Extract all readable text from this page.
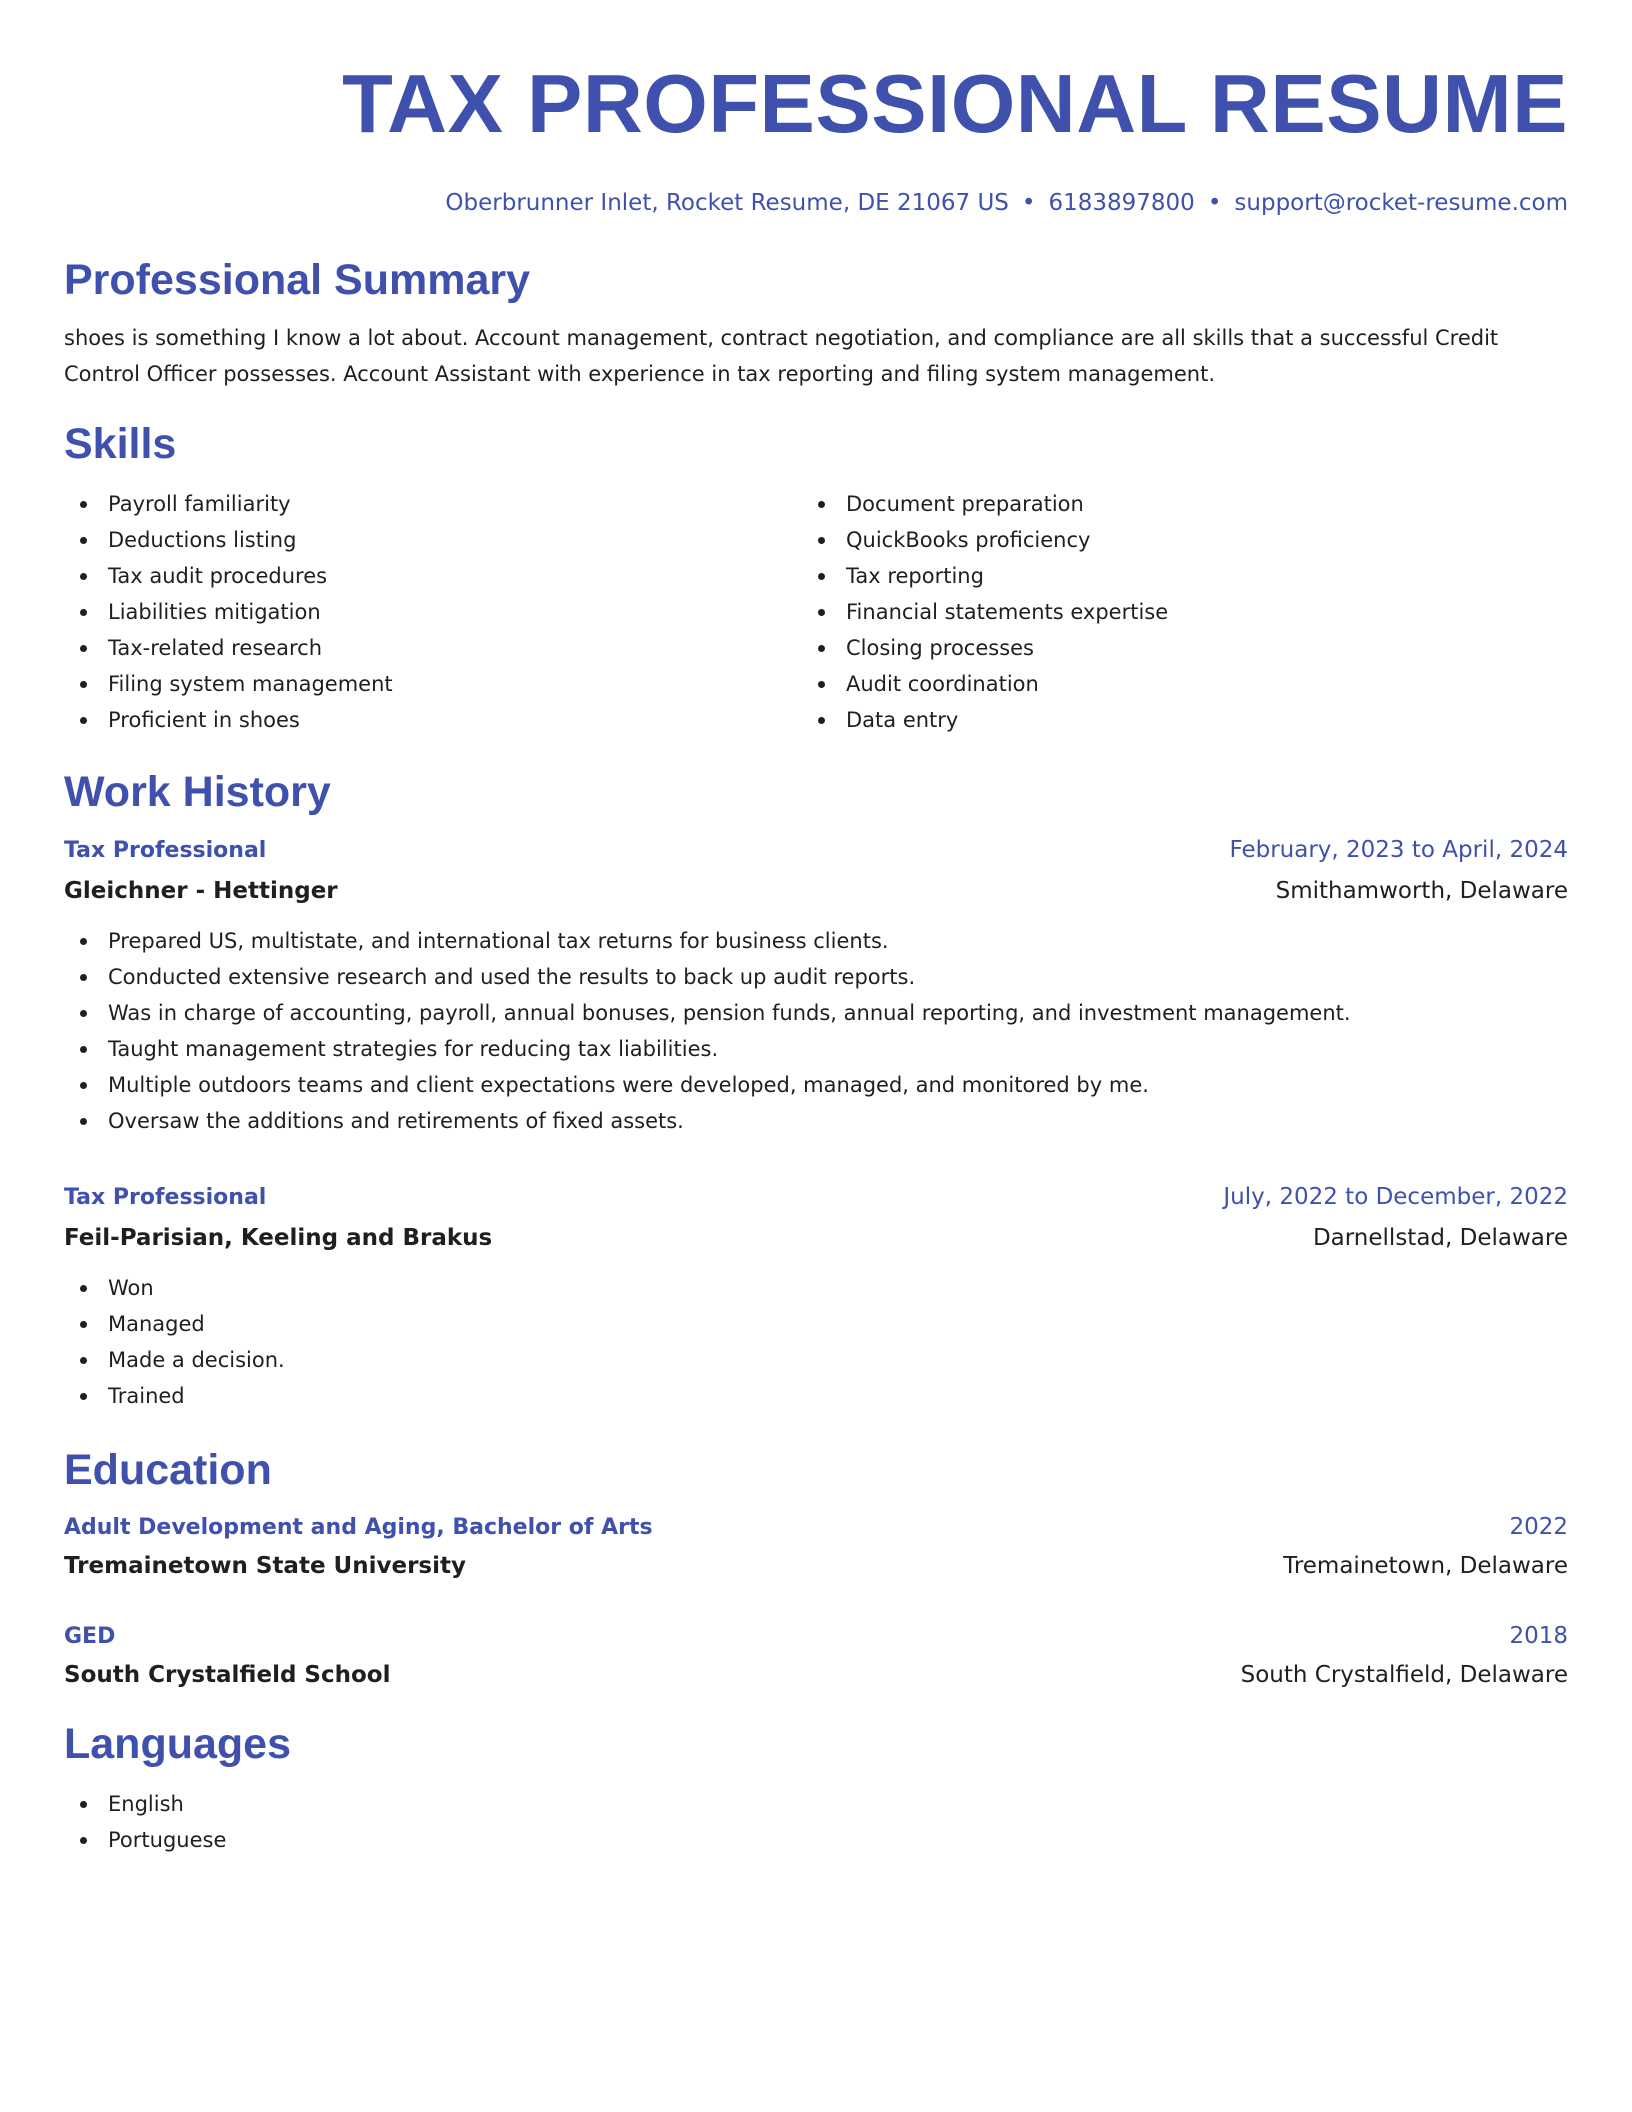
TAX PROFESSIONAL RESUME
Oberbrunner Inlet, Rocket Resume, DE 21067 US • 6183897800 • support@rocket-resume.com
Professional Summary
shoes is something I know a lot about. Account management, contract negotiation, and compliance are all skills that a successful Credit Control Officer possesses. Account Assistant with experience in tax reporting and filing system management.
Skills
Payroll familiarity
Deductions listing
Tax audit procedures
Liabilities mitigation
Tax-related research
Filing system management
Proficient in shoes
Document preparation
QuickBooks proficiency
Tax reporting
Financial statements expertise
Closing processes
Audit coordination
Data entry
Work History
Tax Professional	February, 2023 to April, 2024
Gleichner - Hettinger	Smithamworth, Delaware
Prepared US, multistate, and international tax returns for business clients.
Conducted extensive research and used the results to back up audit reports.
Was in charge of accounting, payroll, annual bonuses, pension funds, annual reporting, and investment management.
Taught management strategies for reducing tax liabilities.
Multiple outdoors teams and client expectations were developed, managed, and monitored by me.
Oversaw the additions and retirements of fixed assets.
Tax Professional	July, 2022 to December, 2022
Feil-Parisian, Keeling and Brakus	Darnellstad, Delaware
Won
Managed
Made a decision.
Trained
Education
Adult Development and Aging, Bachelor of Arts	2022
Tremainetown State University	Tremainetown, Delaware
GED	2018
South Crystalfield School	South Crystalfield, Delaware
Languages
English
Portuguese
